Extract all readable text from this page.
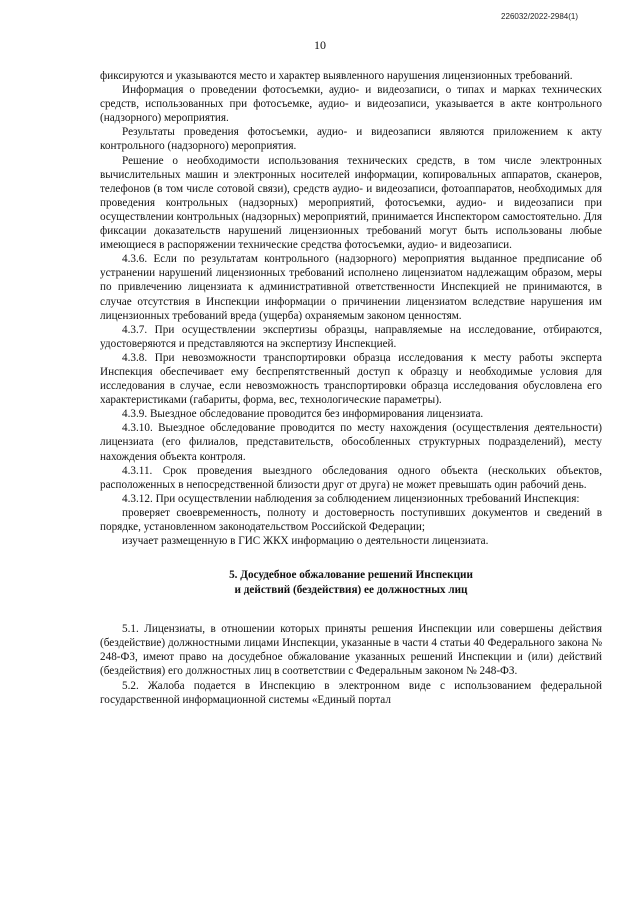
226032/2022-2984(1)
10

фиксируются и указываются место и характер выявленного нарушения лицензионных требований.

Информация о проведении фотосъемки, аудио- и видеозаписи, о типах и марках технических средств, использованных при фотосъемке, аудио- и видеозаписи, указывается в акте контрольного (надзорного) мероприятия.

Результаты проведения фотосъемки, аудио- и видеозаписи являются приложением к акту контрольного (надзорного) мероприятия.

Решение о необходимости использования технических средств, в том числе электронных вычислительных машин и электронных носителей информации, копировальных аппаратов, сканеров, телефонов (в том числе сотовой связи), средств аудио- и видеозаписи, фотоаппаратов, необходимых для проведения контрольных (надзорных) мероприятий, фотосъемки, аудио- и видеозаписи при осуществлении контрольных (надзорных) мероприятий, принимается Инспектором самостоятельно. Для фиксации доказательств нарушений лицензионных требований могут быть использованы любые имеющиеся в распоряжении технические средства фотосъемки, аудио- и видеозаписи.

4.3.6. Если по результатам контрольного (надзорного) мероприятия выданное предписание об устранении нарушений лицензионных требований исполнено лицензиатом надлежащим образом, меры по привлечению лицензиата к административной ответственности Инспекцией не принимаются, в случае отсутствия в Инспекции информации о причинении лицензиатом вследствие нарушения им лицензионных требований вреда (ущерба) охраняемым законом ценностям.

4.3.7. При осуществлении экспертизы образцы, направляемые на исследование, отбираются, удостоверяются и представляются на экспертизу Инспекцией.

4.3.8. При невозможности транспортировки образца исследования к месту работы эксперта Инспекция обеспечивает ему беспрепятственный доступ к образцу и необходимые условия для исследования в случае, если невозможность транспортировки образца исследования обусловлена его характеристиками (габариты, форма, вес, технологические параметры).

4.3.9. Выездное обследование проводится без информирования лицензиата.

4.3.10. Выездное обследование проводится по месту нахождения (осуществления деятельности) лицензиата (его филиалов, представительств, обособленных структурных подразделений), месту нахождения объекта контроля.

4.3.11. Срок проведения выездного обследования одного объекта (нескольких объектов, расположенных в непосредственной близости друг от друга) не может превышать один рабочий день.

4.3.12. При осуществлении наблюдения за соблюдением лицензионных требований Инспекция:

проверяет своевременность, полноту и достоверность поступивших документов и сведений в порядке, установленном законодательством Российской Федерации;

изучает размещенную в ГИС ЖКХ информацию о деятельности лицензиата.

5. Досудебное обжалование решений Инспекции
и действий (бездействия) ее должностных лиц

5.1. Лицензиаты, в отношении которых приняты решения Инспекции или совершены действия (бездействие) должностными лицами Инспекции, указанные в части 4 статьи 40 Федерального закона № 248-ФЗ, имеют право на досудебное обжалование указанных решений Инспекции и (или) действий (бездействия) его должностных лиц в соответствии с Федеральным законом № 248-ФЗ.

5.2. Жалоба подается в Инспекцию в электронном виде с использованием федеральной государственной информационной системы «Единый портал
